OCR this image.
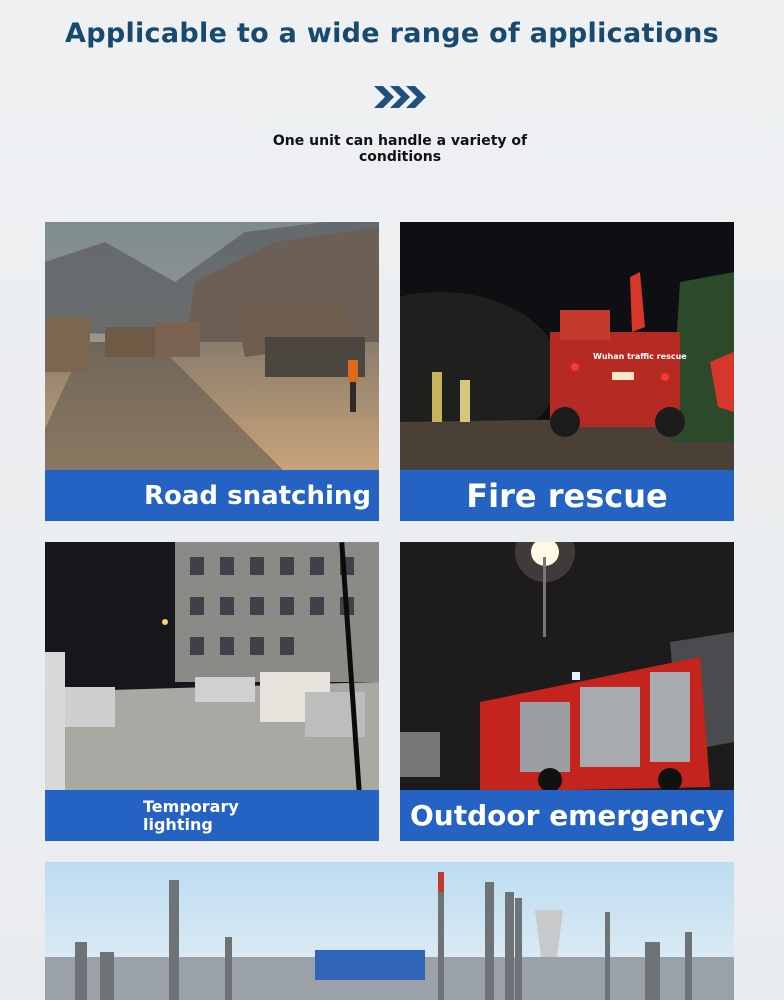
Applicable to a wide range of applications
One unit can handle a variety of conditions
Road snatching
Wuhan traffic rescue
Fire rescue
Temporary lighting	Outdoor emergency
